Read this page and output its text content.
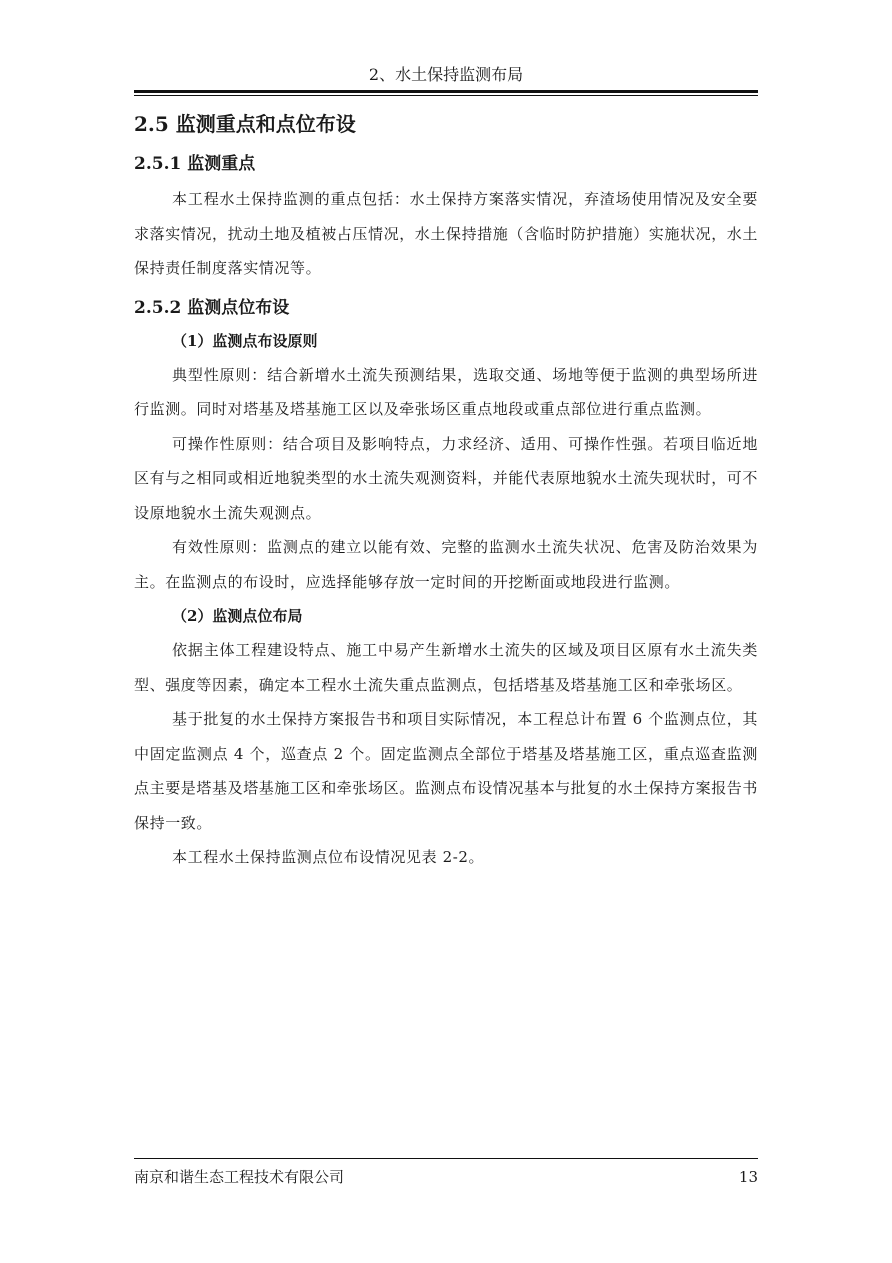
2、水土保持监测布局
2.5 监测重点和点位布设
2.5.1 监测重点

本工程水土保持监测的重点包括：水土保持方案落实情况，弃渣场使用情况及安全要求落实情况，扰动土地及植被占压情况，水土保持措施（含临时防护措施）实施状况，水土保持责任制度落实情况等。

2.5.2 监测点位布设
（1）监测点布设原则

典型性原则：结合新增水土流失预测结果，选取交通、场地等便于监测的典型场所进行监测。同时对塔基及塔基施工区以及牵张场区重点地段或重点部位进行重点监测。

可操作性原则：结合项目及影响特点，力求经济、适用、可操作性强。若项目临近地区有与之相同或相近地貌类型的水土流失观测资料，并能代表原地貌水土流失现状时，可不设原地貌水土流失观测点。

有效性原则：监测点的建立以能有效、完整的监测水土流失状况、危害及防治效果为主。在监测点的布设时，应选择能够存放一定时间的开挖断面或地段进行监测。

（2）监测点位布局

依据主体工程建设特点、施工中易产生新增水土流失的区域及项目区原有水土流失类型、强度等因素，确定本工程水土流失重点监测点，包括塔基及塔基施工区和牵张场区。

基于批复的水土保持方案报告书和项目实际情况，本工程总计布置 6 个监测点位，其中固定监测点 4 个，巡查点 2 个。固定监测点全部位于塔基及塔基施工区，重点巡查监测点主要是塔基及塔基施工区和牵张场区。监测点布设情况基本与批复的水土保持方案报告书保持一致。

本工程水土保持监测点位布设情况见表 2-2。

南京和谐生态工程技术有限公司	13
